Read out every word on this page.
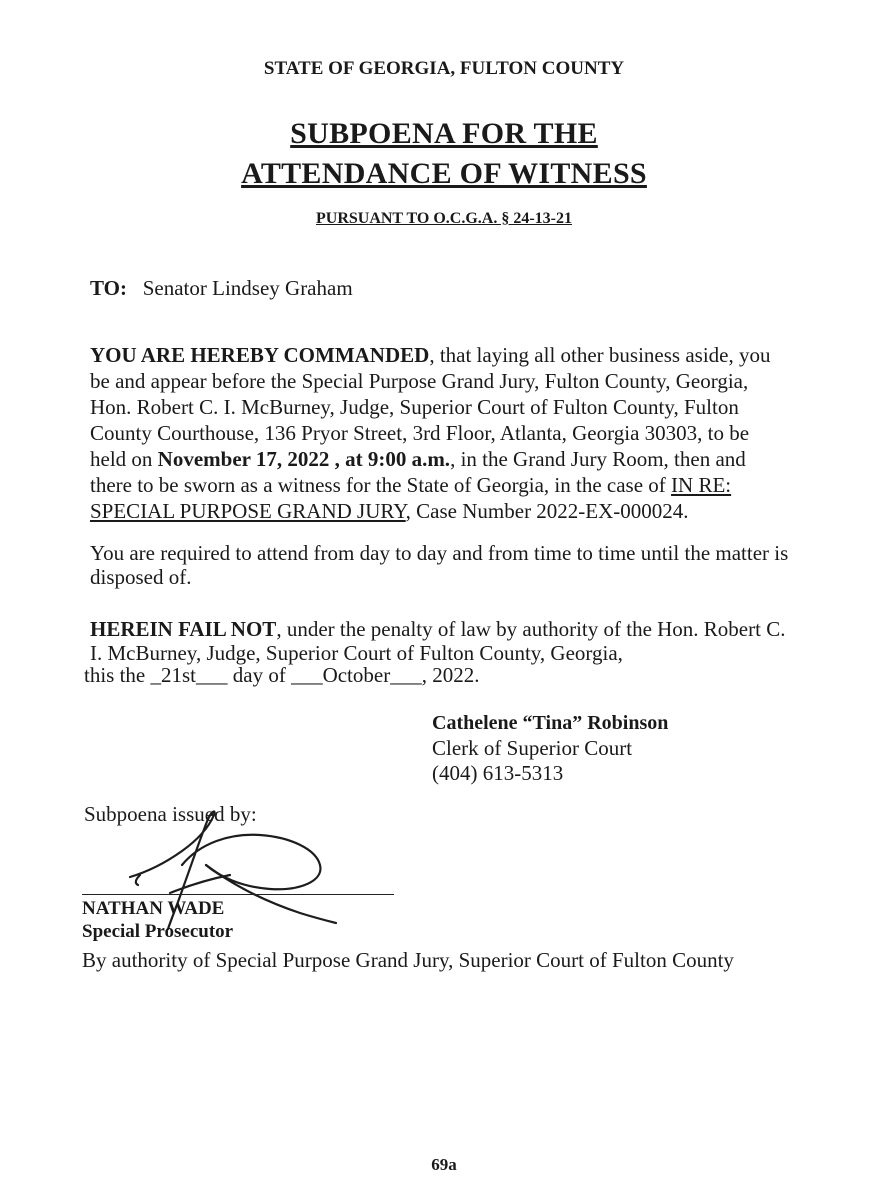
STATE OF GEORGIA, FULTON COUNTY
SUBPOENA FOR THE
ATTENDANCE OF WITNESS
PURSUANT TO O.C.G.A. § 24-13-21
TO: Senator Lindsey Graham
YOU ARE HEREBY COMMANDED, that laying all other business aside, you
be and appear before the Special Purpose Grand Jury, Fulton County, Georgia,
Hon. Robert C. I. McBurney, Judge, Superior Court of Fulton County, Fulton
County Courthouse, 136 Pryor Street, 3rd Floor, Atlanta, Georgia 30303, to be
held on November 17, 2022 , at 9:00 a.m., in the Grand Jury Room, then and
there to be sworn as a witness for the State of Georgia, in the case of IN RE:
SPECIAL PURPOSE GRAND JURY, Case Number 2022-EX-000024.
You are required to attend from day to day and from time to time until the matter is
disposed of.
HEREIN FAIL NOT, under the penalty of law by authority of the Hon. Robert C.
I. McBurney, Judge, Superior Court of Fulton County, Georgia,
this the _21st___ day of ___October___, 2022.
Cathelene “Tina” Robinson
Clerk of Superior Court
(404) 613-5313
Subpoena issued by:
NATHAN WADE
Special Prosecutor
By authority of Special Purpose Grand Jury, Superior Court of Fulton County
69a
